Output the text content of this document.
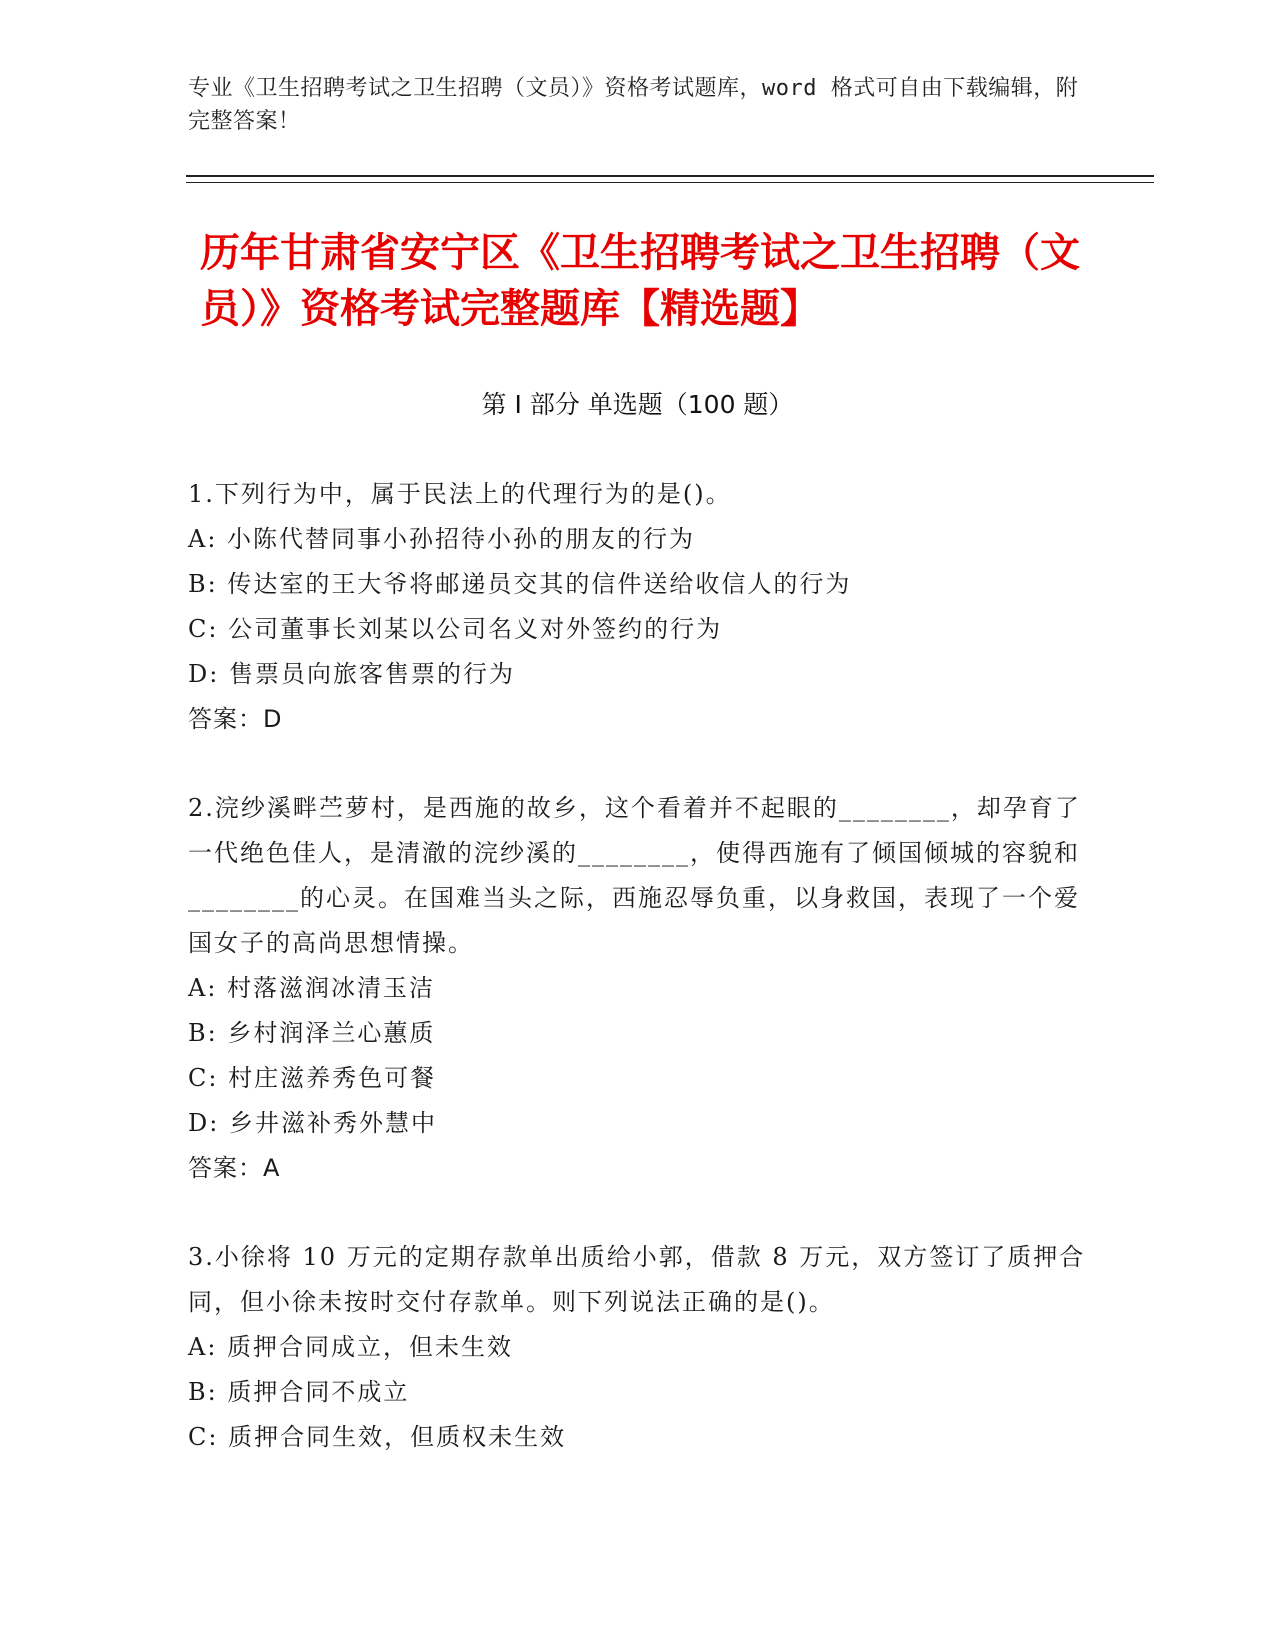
专业《卫生招聘考试之卫生招聘（文员）》资格考试题库，word 格式可自由下载编辑，附完整答案！
历年甘肃省安宁区《卫生招聘考试之卫生招聘（文员）》资格考试完整题库【精选题】
第 I 部分 单选题（100 题）
1.下列行为中，属于民法上的代理行为的是()。
A: 小陈代替同事小孙招待小孙的朋友的行为
B: 传达室的王大爷将邮递员交其的信件送给收信人的行为
C: 公司董事长刘某以公司名义对外签约的行为
D: 售票员向旅客售票的行为
答案：D
2.浣纱溪畔苎萝村，是西施的故乡，这个看着并不起眼的________，却孕育了一代绝色佳人，是清澈的浣纱溪的________，使得西施有了倾国倾城的容貌和________的心灵。在国难当头之际，西施忍辱负重，以身救国，表现了一个爱国女子的高尚思想情操。
A: 村落滋润冰清玉洁
B: 乡村润泽兰心蕙质
C: 村庄滋养秀色可餐
D: 乡井滋补秀外慧中
答案：A
3.小徐将 10 万元的定期存款单出质给小郭，借款 8 万元，双方签订了质押合同，但小徐未按时交付存款单。则下列说法正确的是()。
A: 质押合同成立，但未生效
B: 质押合同不成立
C: 质押合同生效，但质权未生效
